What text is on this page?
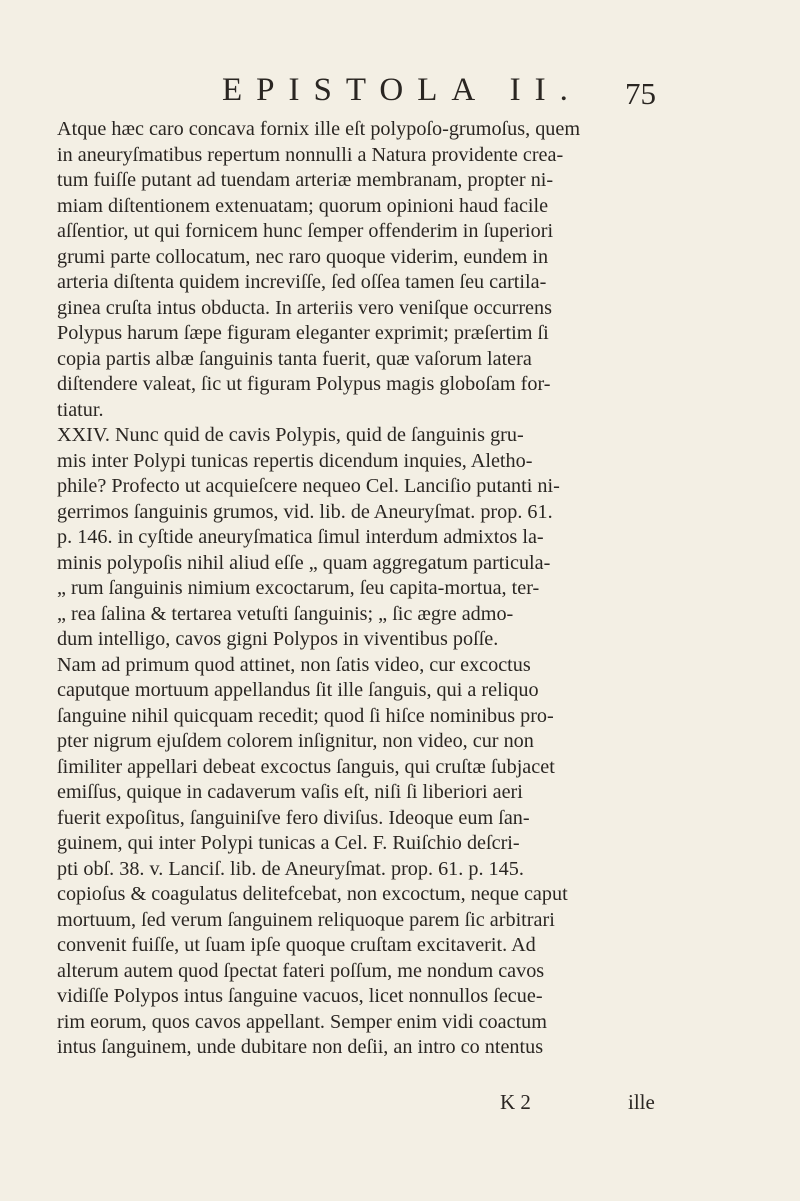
EPISTOLA II. 75
Atque hæc caro concava fornix ille eſt polypoſo-grumoſus, quem
in aneuryſmatibus repertum nonnulli a Natura providente crea-
tum fuiſſe putant ad tuendam arteriæ membranam, propter ni-
miam diſtentionem extenuatam; quorum opinioni haud facile
aſſentior, ut qui fornicem hunc ſemper offenderim in ſuperiori
grumi parte collocatum, nec raro quoque viderim, eundem in
arteria diſtenta quidem increviſſe, ſed oſſea tamen ſeu cartila-
ginea cruſta intus obducta. In arteriis vero veniſque occurrens
Polypus harum ſæpe figuram eleganter exprimit; præſertim ſi
copia partis albæ ſanguinis tanta fuerit, quæ vaſorum latera
diſtendere valeat, ſic ut figuram Polypus magis globoſam for-
tiatur.
XXIV. Nunc quid de cavis Polypis, quid de ſanguinis gru-
mis inter Polypi tunicas repertis dicendum inquies, Aletho-
phile? Profecto ut acquieſcere nequeo Cel. Lanciſio putanti ni-
gerrimos ſanguinis grumos, vid. lib. de Aneuryſmat. prop. 61.
p. 146. in cyſtide aneuryſmatica ſimul interdum admixtos la-
minis polypoſis nihil aliud eſſe „ quam aggregatum particula-
„ rum ſanguinis nimium excoctarum, ſeu capita-mortua, ter-
„ rea ſalina & tertarea vetuſti ſanguinis; „ ſic ægre admo-
dum intelligo, cavos gigni Polypos in viventibus poſſe.
Nam ad primum quod attinet, non ſatis video, cur excoctus
caputque mortuum appellandus ſit ille ſanguis, qui a reliquo
ſanguine nihil quicquam recedit; quod ſi hiſce nominibus pro-
pter nigrum ejuſdem colorem inſignitur, non video, cur non
ſimiliter appellari debeat excoctus ſanguis, qui cruſtæ ſubjacet
emiſſus, quique in cadaverum vaſis eſt, niſi ſi liberiori aeri
fuerit expoſitus, ſanguiniſve fero diviſus. Ideoque eum ſan-
guinem, qui inter Polypi tunicas a Cel. F. Ruiſchio deſcri-
pti obſ. 38. v. Lanciſ. lib. de Aneuryſmat. prop. 61. p. 145.
copioſus & coagulatus delitefcebat, non excoctum, neque caput
mortuum, ſed verum ſanguinem reliquoque parem ſic arbitrari
convenit fuiſſe, ut ſuam ipſe quoque cruſtam excitaverit. Ad
alterum autem quod ſpectat fateri poſſum, me nondum cavos
vidiſſe Polypos intus ſanguine vacuos, licet nonnullos ſecue-
rim eorum, quos cavos appellant. Semper enim vidi coactum
intus ſanguinem, unde dubitare non deſii, an intro co ntentus
K 2	ille
